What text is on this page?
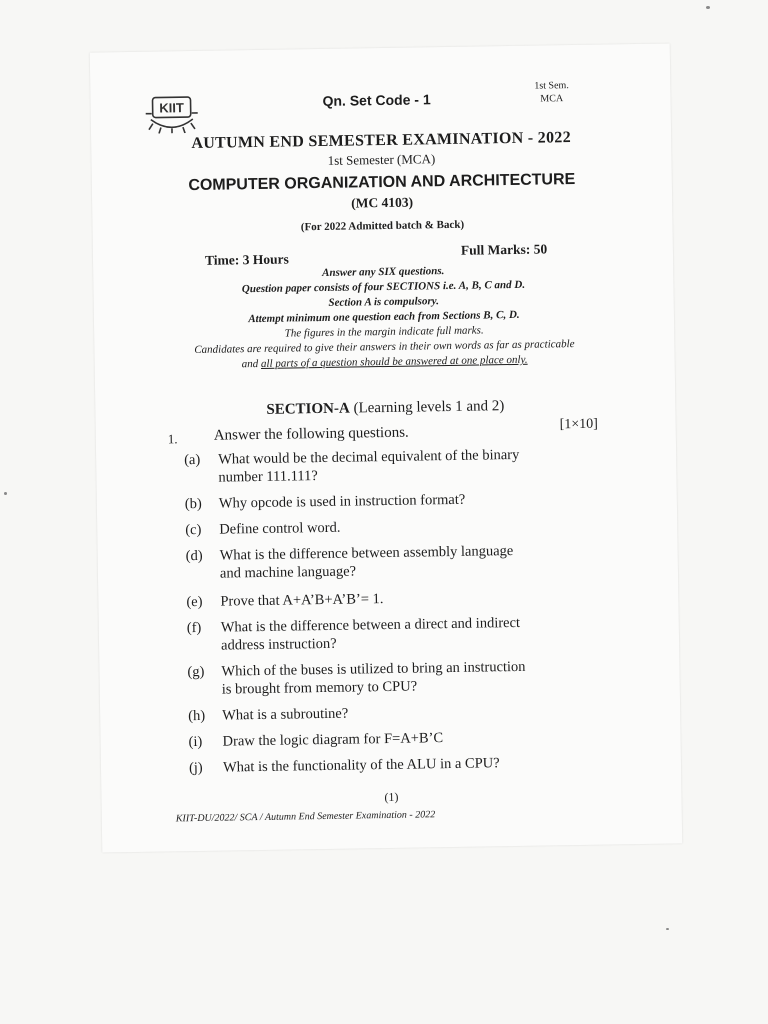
KIIT	Qn. Set Code - 1
1st Sem.
MCA
AUTUMN END SEMESTER EXAMINATION - 2022
1st Semester (MCA)
COMPUTER ORGANIZATION AND ARCHITECTURE
(MC 4103)
(For 2022 Admitted batch & Back)
Time: 3 Hours
Full Marks: 50
Answer any SIX questions.
Question paper consists of four SECTIONS i.e. A, B, C and D.
Section A is compulsory.
Attempt minimum one question each from Sections B, C, D.
The figures in the margin indicate full marks.
Candidates are required to give their answers in their own words as far as practicable
and all parts of a question should be answered at one place only.
SECTION-A (Learning levels 1 and 2)
1. Answer the following questions.
[1×10]
(a) What would be the decimal equivalent of the binary
number 111.111?
(b) Why opcode is used in instruction format?
(c) Define control word.
(d) What is the difference between assembly language
and machine language?
(e) Prove that A+A’B+A’B’= 1.
(f) What is the difference between a direct and indirect
address instruction?
(g) Which of the buses is utilized to bring an instruction
is brought from memory to CPU?
(h) What is a subroutine?
(i) Draw the logic diagram for F=A+B’C
(j) What is the functionality of the ALU in a CPU?
(1)
KIIT-DU/2022/ SCA / Autumn End Semester Examination - 2022
